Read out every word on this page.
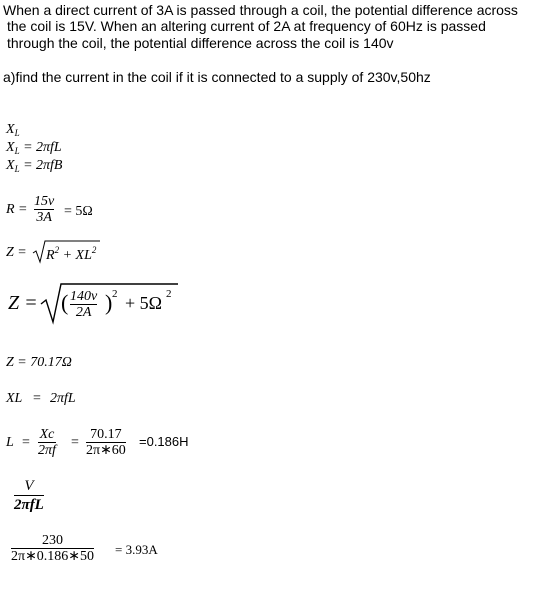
When a direct current of 3A is passed through a coil, the potential difference across
the coil is 15V. When an altering current of 2A at frequency of 60Hz is passed
through the coil, the potential difference across the coil is 140v
a)find the current in the coil if it is connected to a supply of 230v,50hz
$X_L$
$X_L = 2\pi fL$
$X_L = 2\pi fB$
R =
15v
3A = 5Ω
$Z = R^2 + XL^2$
Z = ( 140v
2A ) 2 + 5Ω 2
Z = 70.17Ω
XL = 2πfL
L =
Xc
2πf
=
70.17
2π∗60
=0.186H
V
2πfL
230
2π∗0.186∗50 = 3.93A
